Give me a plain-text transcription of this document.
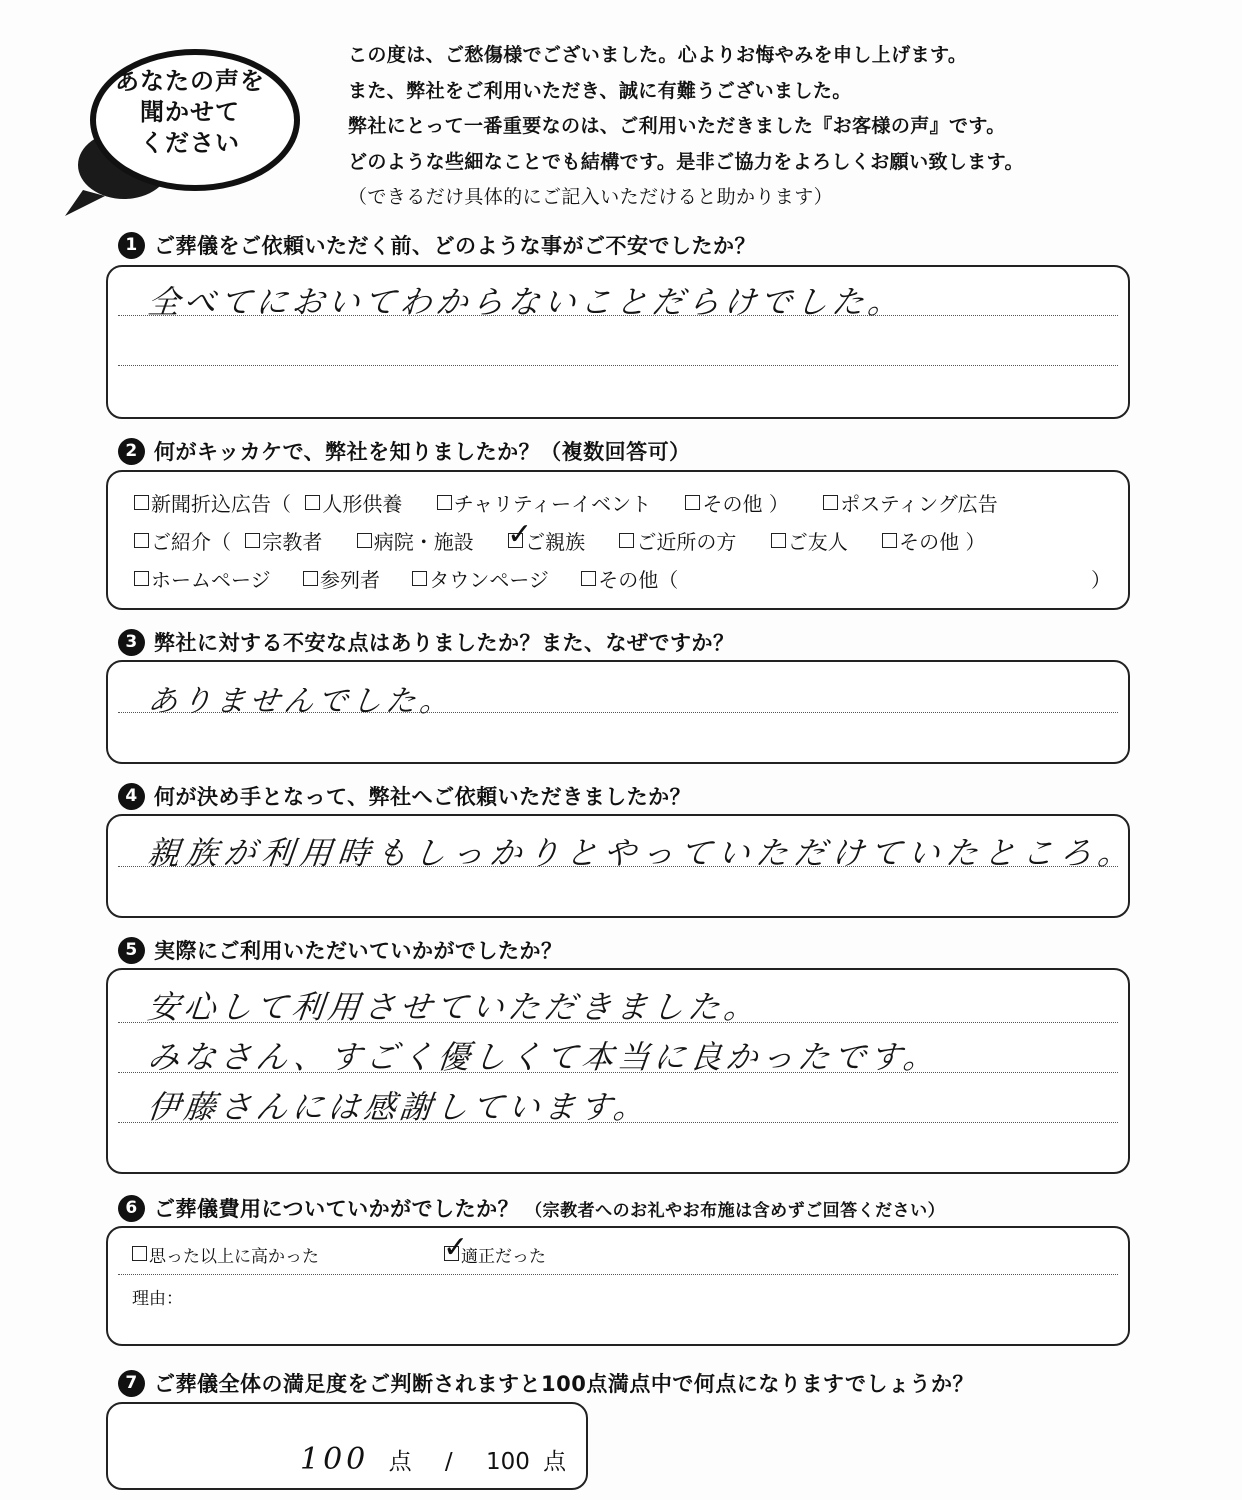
あなたの声を
聞かせて
ください
この度は、ご愁傷様でございました。心よりお悔やみを申し上げます。
また、弊社をご利用いただき、誠に有難うございました。
弊社にとって一番重要なのは、ご利用いただきました『お客様の声』です。
どのような些細なことでも結構です。是非ご協力をよろしくお願い致します。
（できるだけ具体的にご記入いただけると助かります）
1 ご葬儀をご依頼いただく前、どのような事がご不安でしたか？
全べてにおいてわからないことだらけでした。
2 何がキッカケで、弊社を知りましたか？（複数回答可）
新聞折込広告（ 人形供養	チャリティーイベント	その他 ）	ポスティング広告
ご紹介（ 宗教者	病院・施設 ✓
ご親族	ご近所の方	ご友人	その他 ）
ホームページ 参列者 タウンページ その他（	）
3 弊社に対する不安な点はありましたか？また、なぜですか？
ありませんでした。
4 何が決め手となって、弊社へご依頼いただきましたか？
親族が利用時もしっかりとやっていただけていたところ。
5 実際にご利用いただいていかがでしたか？
安心して利用させていただきました。
みなさん、すごく優しくて本当に良かったです。
伊藤さんには感謝しています。
6 ご葬儀費用についていかがでしたか？ （宗教者へのお礼やお布施は含めずご回答ください）
思った以上に高かった	✓
適正だった
理由：
7 ご葬儀全体の満足度をご判断されますと100点満点中で何点になりますでしょうか？
100 点 / 100 点
